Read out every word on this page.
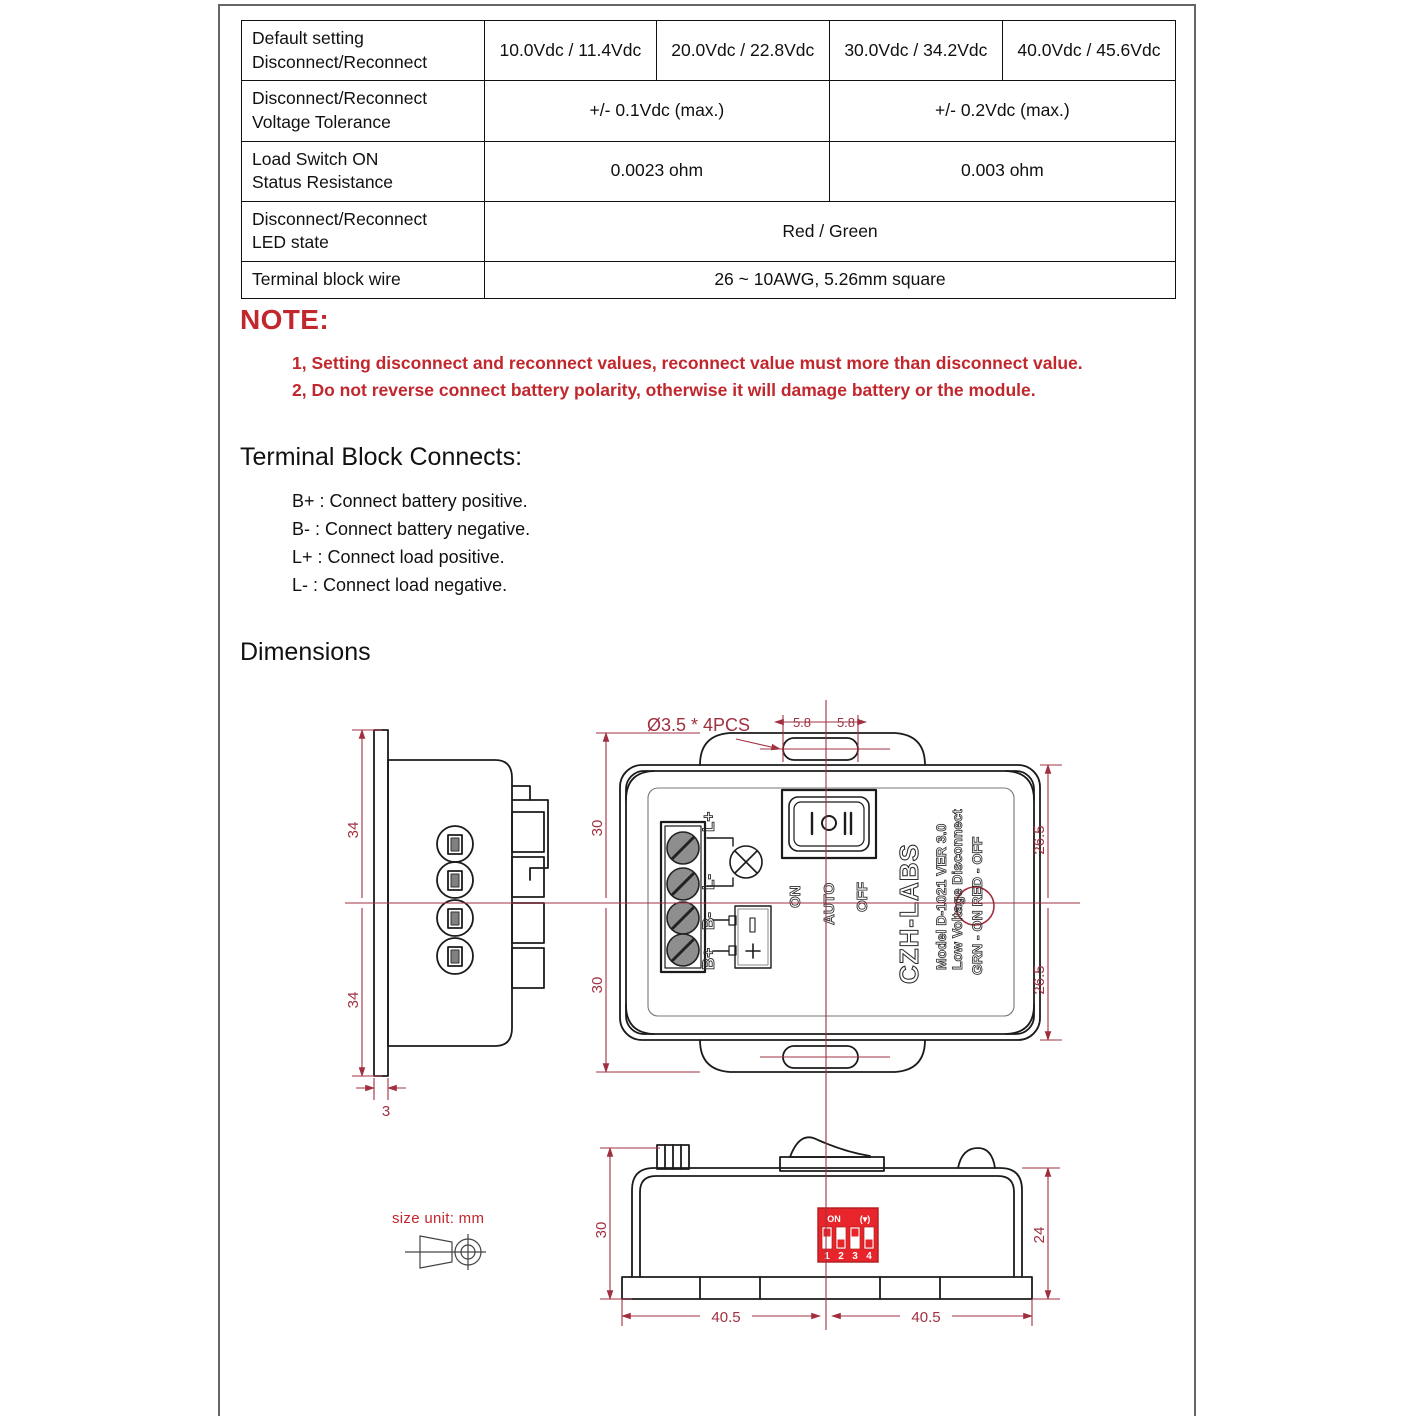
Default setting
Disconnect/Reconnect	10.0Vdc / 11.4Vdc	20.0Vdc / 22.8Vdc	30.0Vdc / 34.2Vdc	40.0Vdc / 45.6Vdc

Disconnect/Reconnect
Voltage Tolerance	+/- 0.1Vdc (max.)		+/- 0.2Vdc (max.)	

Load Switch ON
Status Resistance	0.0023 ohm		0.003 ohm	

Disconnect/Reconnect
LED state	Red / Green			

Terminal block wire	26 ~ 10AWG, 5.26mm square			
NOTE:
1, Setting disconnect and reconnect values, reconnect value must more than disconnect value.
2, Do not reverse connect battery polarity, otherwise it will damage battery or the module.
Terminal Block Connects:
B+ : Connect battery positive.
B- : Connect battery negative.
L+ : Connect load positive.
L- : Connect load negative.
Dimensions
size unit: mm	ON (▾)
1 2 3 4
L+
L-
B-
B+
ON AUTO OFF CZH-LABS Model D-1021 VER 3.0 Low Voltage Disconnect GRN - ON RED - OFF
34
34
3
30
30
26.5
26.5
5.8 5.8
Ø3.5 * 4PCS
30	24
40.5	40.5
